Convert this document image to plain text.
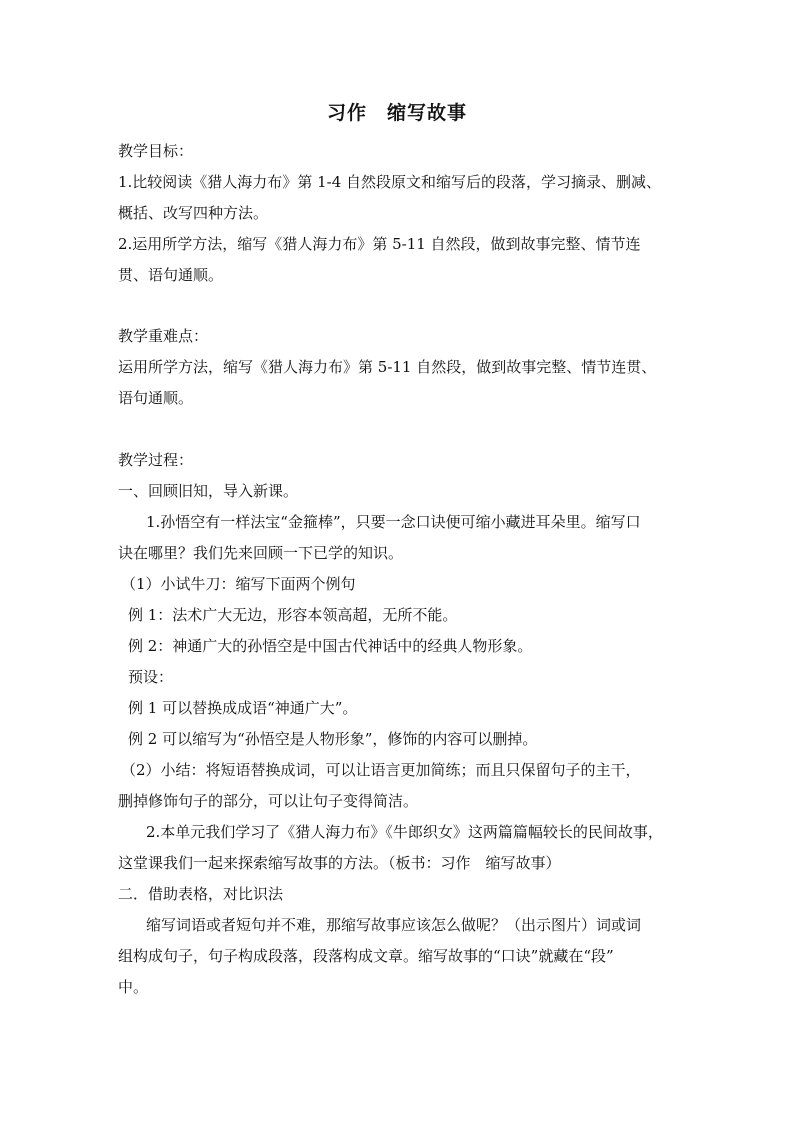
习作　缩写故事
教学目标：
1.比较阅读《猎人海力布》第 1-4 自然段原文和缩写后的段落，学习摘录、删减、
概括、改写四种方法。
2.运用所学方法，缩写《猎人海力布》第 5-11 自然段，做到故事完整、情节连
贯、语句通顺。
教学重难点：
运用所学方法，缩写《猎人海力布》第 5-11 自然段，做到故事完整、情节连贯、
语句通顺。
教学过程：
一、回顾旧知，导入新课。
1.孙悟空有一样法宝“金箍棒”，只要一念口诀便可缩小藏进耳朵里。缩写口
诀在哪里？我们先来回顾一下已学的知识。
（1）小试牛刀：缩写下面两个例句
例 1：法术广大无边，形容本领高超，无所不能。
例 2：神通广大的孙悟空是中国古代神话中的经典人物形象。
预设：
例 1 可以替换成成语“神通广大”。
例 2 可以缩写为“孙悟空是人物形象”，修饰的内容可以删掉。
（2）小结：将短语替换成词，可以让语言更加简练；而且只保留句子的主干，
删掉修饰句子的部分，可以让句子变得简洁。
2.本单元我们学习了《猎人海力布》《牛郎织女》这两篇篇幅较长的民间故事，
这堂课我们一起来探索缩写故事的方法。（板书：习作　缩写故事）
二．借助表格，对比识法
缩写词语或者短句并不难，那缩写故事应该怎么做呢？（出示图片）词或词
组构成句子，句子构成段落，段落构成文章。缩写故事的“口诀”就藏在“段”
中。
